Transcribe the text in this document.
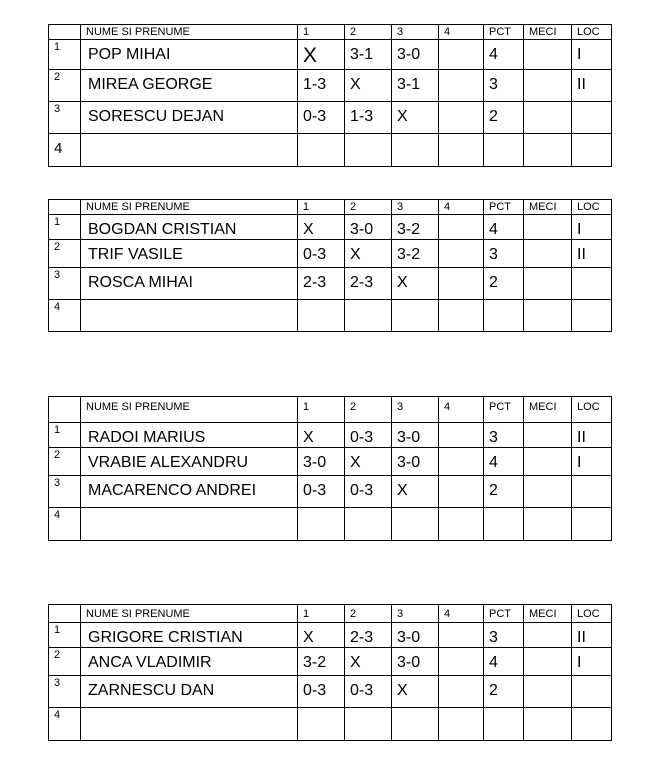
	NUME SI PRENUME	1	2	3	4	PCT	MECI	LOC
1	POP MIHAI	X	3-1	3-0		4		I
2	MIREA GEORGE	1-3	X	3-1		3		II
3	SORESCU DEJAN	0-3	1-3	X		2		
4								
	NUME SI PRENUME	1	2	3	4	PCT	MECI	LOC
1	BOGDAN CRISTIAN	X	3-0	3-2		4		I
2	TRIF VASILE	0-3	X	3-2		3		II
3	ROSCA MIHAI	2-3	2-3	X		2		
4								
	NUME SI PRENUME	1	2	3	4	PCT	MECI	LOC
1	RADOI MARIUS	X	0-3	3-0		3		II
2	VRABIE ALEXANDRU	3-0	X	3-0		4		I
3	MACARENCO ANDREI	0-3	0-3	X		2		
4								
	NUME SI PRENUME	1	2	3	4	PCT	MECI	LOC
1	GRIGORE CRISTIAN	X	2-3	3-0		3		II
2	ANCA VLADIMIR	3-2	X	3-0		4		I
3	ZARNESCU DAN	0-3	0-3	X		2		
4								
